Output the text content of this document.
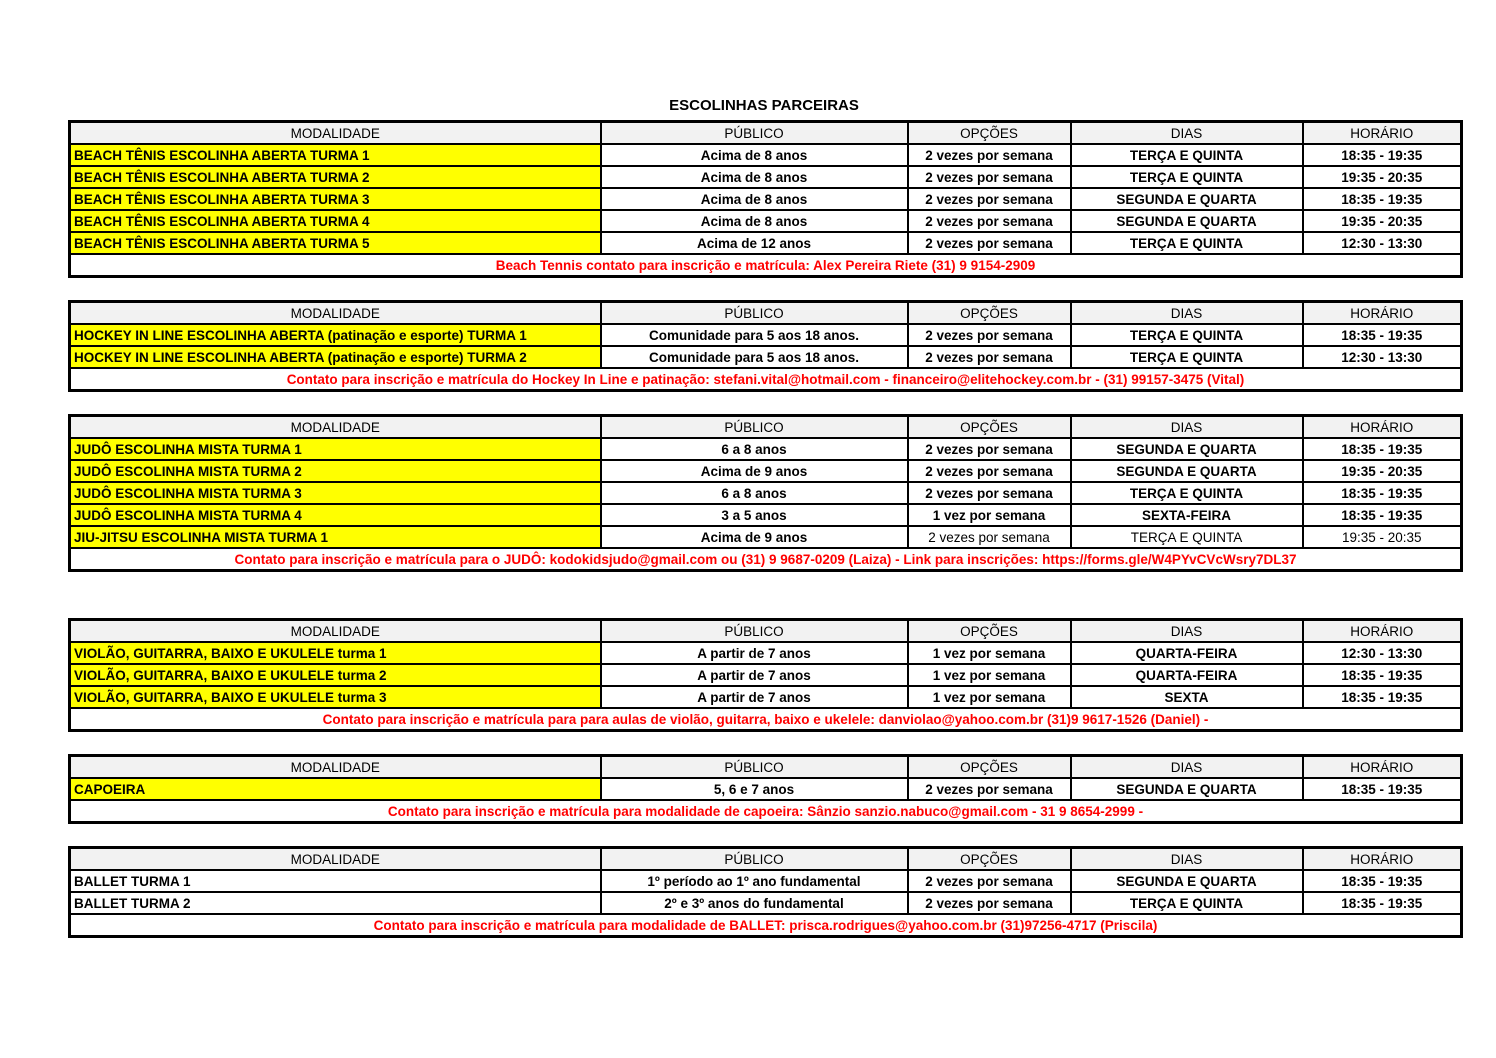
ESCOLINHAS PARCEIRAS
MODALIDADE	PÚBLICO	OPÇÕES	DIAS	HORÁRIO
BEACH TÊNIS ESCOLINHA ABERTA TURMA 1	Acima de 8 anos	2 vezes por semana	TERÇA E QUINTA	18:35 - 19:35
BEACH TÊNIS ESCOLINHA ABERTA TURMA 2	Acima de 8 anos	2 vezes por semana	TERÇA E QUINTA	19:35 - 20:35
BEACH TÊNIS ESCOLINHA ABERTA TURMA 3	Acima de 8 anos	2 vezes por semana	SEGUNDA E QUARTA	18:35 - 19:35
BEACH TÊNIS ESCOLINHA ABERTA TURMA 4	Acima de 8 anos	2 vezes por semana	SEGUNDA E QUARTA	19:35 - 20:35
BEACH TÊNIS ESCOLINHA ABERTA TURMA 5	Acima de 12 anos	2 vezes por semana	TERÇA E QUINTA	12:30 - 13:30
Beach Tennis contato para inscrição e matrícula: Alex Pereira Riete (31) 9 9154-2909				
MODALIDADE	PÚBLICO	OPÇÕES	DIAS	HORÁRIO
HOCKEY IN LINE ESCOLINHA ABERTA (patinação e esporte) TURMA 1	Comunidade para 5 aos 18 anos.	2 vezes por semana	TERÇA E QUINTA	18:35 - 19:35
HOCKEY IN LINE ESCOLINHA ABERTA (patinação e esporte) TURMA 2	Comunidade para 5 aos 18 anos.	2 vezes por semana	TERÇA E QUINTA	12:30 - 13:30
Contato para inscrição e matrícula do Hockey In Line e patinação: stefani.vital@hotmail.com - financeiro@elitehockey.com.br - (31) 99157-3475 (Vital)				
MODALIDADE	PÚBLICO	OPÇÕES	DIAS	HORÁRIO
JUDÔ ESCOLINHA MISTA TURMA 1	6 a 8 anos	2 vezes por semana	SEGUNDA E QUARTA	18:35 - 19:35
JUDÔ ESCOLINHA MISTA TURMA 2	Acima de 9 anos	2 vezes por semana	SEGUNDA E QUARTA	19:35 - 20:35
JUDÔ ESCOLINHA MISTA TURMA 3	6 a 8 anos	2 vezes por semana	TERÇA E QUINTA	18:35 - 19:35
JUDÔ ESCOLINHA MISTA TURMA 4	3 a 5 anos	1 vez por semana	SEXTA-FEIRA	18:35 - 19:35
JIU-JITSU ESCOLINHA MISTA TURMA 1	Acima de 9 anos	2 vezes por semana	TERÇA E QUINTA	19:35 - 20:35
Contato para inscrição e matrícula para o JUDÔ: kodokidsjudo@gmail.com ou (31) 9 9687-0209 (Laiza) - Link para inscrições: https://forms.gle/W4PYvCVcWsry7DL37				
MODALIDADE	PÚBLICO	OPÇÕES	DIAS	HORÁRIO
VIOLÃO, GUITARRA, BAIXO E UKULELE turma 1	A partir de 7 anos	1 vez por semana	QUARTA-FEIRA	12:30 - 13:30
VIOLÃO, GUITARRA, BAIXO E UKULELE turma 2	A partir de 7 anos	1 vez por semana	QUARTA-FEIRA	18:35 - 19:35
VIOLÃO, GUITARRA, BAIXO E UKULELE turma 3	A partir de 7 anos	1 vez por semana	SEXTA	18:35 - 19:35
Contato para inscrição e matrícula para para aulas de violão, guitarra, baixo e ukelele: danviolao@yahoo.com.br (31)9 9617-1526 (Daniel) -				
MODALIDADE	PÚBLICO	OPÇÕES	DIAS	HORÁRIO
CAPOEIRA	5, 6 e 7 anos	2 vezes por semana	SEGUNDA E QUARTA	18:35 - 19:35
Contato para inscrição e matrícula para modalidade de capoeira: Sânzio sanzio.nabuco@gmail.com - 31 9 8654-2999 -				
MODALIDADE	PÚBLICO	OPÇÕES	DIAS	HORÁRIO
BALLET TURMA 1	1º período ao 1º ano fundamental	2 vezes por semana	SEGUNDA E QUARTA	18:35 - 19:35
BALLET TURMA 2	2º e 3º anos do fundamental	2 vezes por semana	TERÇA E QUINTA	18:35 - 19:35
Contato para inscrição e matrícula para modalidade de BALLET: prisca.rodrigues@yahoo.com.br (31)97256-4717 (Priscila)				
